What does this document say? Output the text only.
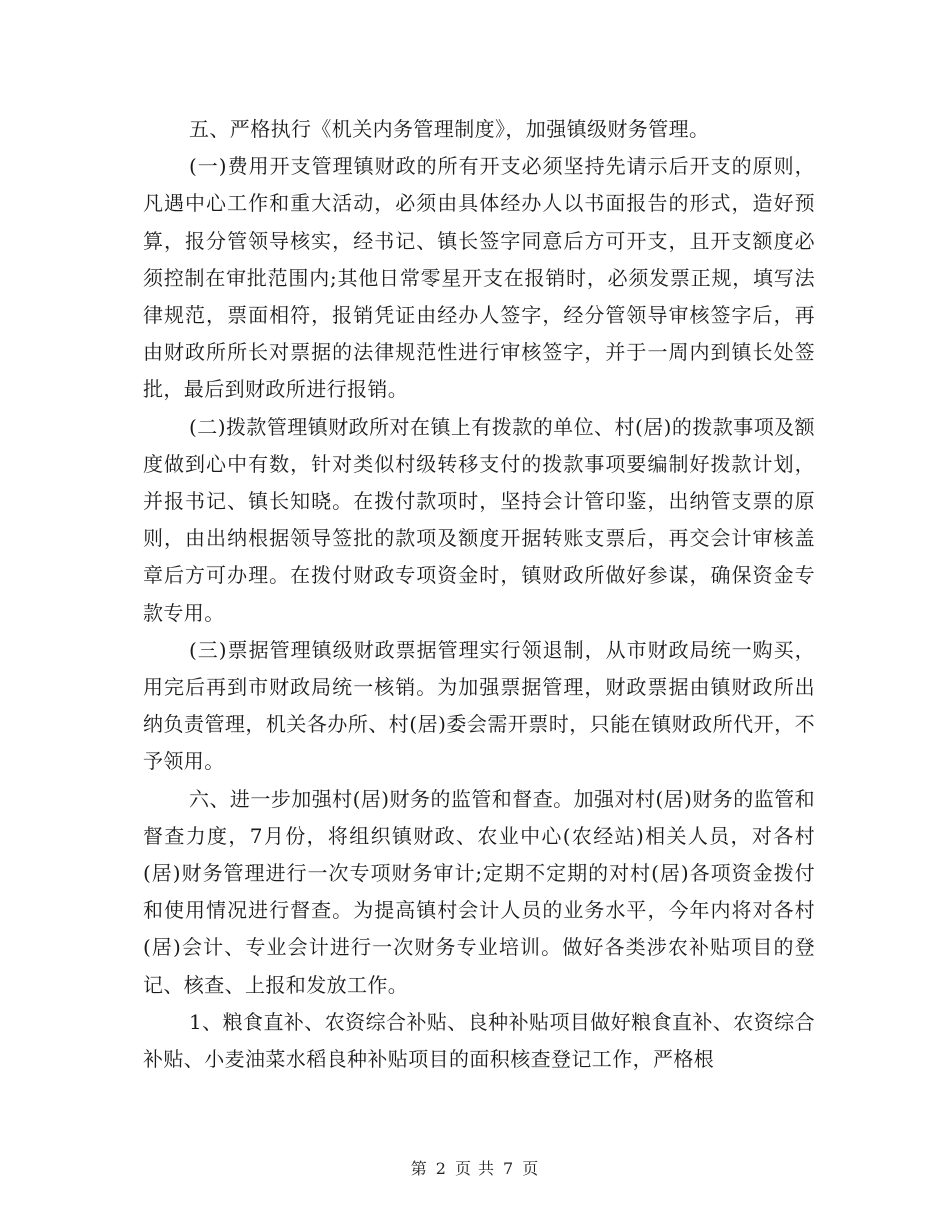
五、严格执行《机关内务管理制度》，加强镇级财务管理。

(一)费用开支管理镇财政的所有开支必须坚持先请示后开支的原则，凡遇中心工作和重大活动，必须由具体经办人以书面报告的形式，造好预算，报分管领导核实，经书记、镇长签字同意后方可开支，且开支额度必须控制在审批范围内;其他日常零星开支在报销时，必须发票正规，填写法律规范，票面相符，报销凭证由经办人签字，经分管领导审核签字后，再由财政所所长对票据的法律规范性进行审核签字，并于一周内到镇长处签批，最后到财政所进行报销。

(二)拨款管理镇财政所对在镇上有拨款的单位、村(居)的拨款事项及额度做到心中有数，针对类似村级转移支付的拨款事项要编制好拨款计划，并报书记、镇长知晓。在拨付款项时，坚持会计管印鉴，出纳管支票的原则，由出纳根据领导签批的款项及额度开据转账支票后，再交会计审核盖章后方可办理。在拨付财政专项资金时，镇财政所做好参谋，确保资金专款专用。

(三)票据管理镇级财政票据管理实行领退制，从市财政局统一购买，用完后再到市财政局统一核销。为加强票据管理，财政票据由镇财政所出纳负责管理，机关各办所、村(居)委会需开票时，只能在镇财政所代开，不予领用。

六、进一步加强村(居)财务的监管和督查。加强对村(居)财务的监管和督查力度，7月份，将组织镇财政、农业中心(农经站)相关人员，对各村(居)财务管理进行一次专项财务审计;定期不定期的对村(居)各项资金拨付和使用情况进行督查。为提高镇村会计人员的业务水平，今年内将对各村(居)会计、专业会计进行一次财务专业培训。做好各类涉农补贴项目的登记、核查、上报和发放工作。

1、粮食直补、农资综合补贴、良种补贴项目做好粮食直补、农资综合补贴、小麦油菜水稻良种补贴项目的面积核查登记工作，严格根

第 2 页 共 7 页
